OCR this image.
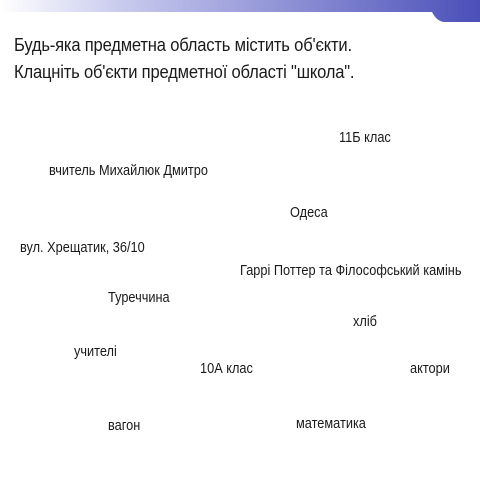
Будь-яка предметна область містить об'єкти.
Клацніть об'єкти предметної області "школа".
11Б клас
вчитель Михайлюк Дмитро
Одеса
вул. Хрещатик, 36/10
Гаррі Поттер та Філософський камінь
Туреччина
хліб
учителі
10А клас	актори
вагон	математика
